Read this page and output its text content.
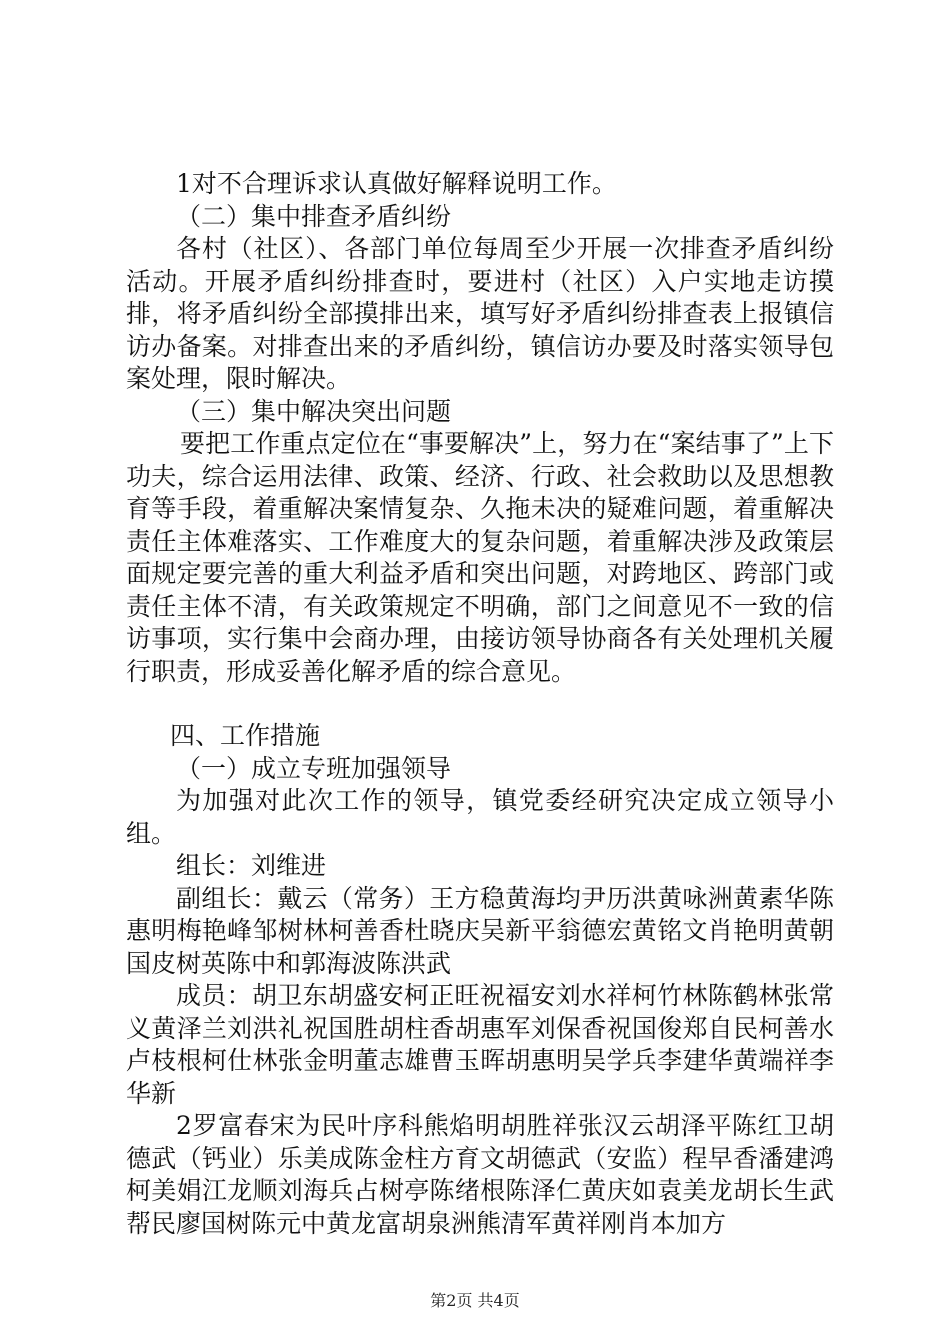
1对不合理诉求认真做好解释说明工作。

（二）集中排查矛盾纠纷

各村（社区）、各部门单位每周至少开展一次排查矛盾纠纷活动。开展矛盾纠纷排查时，要进村（社区）入户实地走访摸排，将矛盾纠纷全部摸排出来，填写好矛盾纠纷排查表上报镇信访办备案。对排查出来的矛盾纠纷，镇信访办要及时落实领导包案处理，限时解决。

（三）集中解决突出问题

要把工作重点定位在“事要解决”上，努力在“案结事了”上下功夫，综合运用法律、政策、经济、行政、社会救助以及思想教育等手段，着重解决案情复杂、久拖未决的疑难问题，着重解决责任主体难落实、工作难度大的复杂问题，着重解决涉及政策层面规定要完善的重大利益矛盾和突出问题，对跨地区、跨部门或责任主体不清，有关政策规定不明确，部门之间意见不一致的信访事项，实行集中会商办理，由接访领导协商各有关处理机关履行职责，形成妥善化解矛盾的综合意见。

四、工作措施

（一）成立专班加强领导

为加强对此次工作的领导，镇党委经研究决定成立领导小组。

组长：刘维进

副组长：戴云（常务）王方稳黄海均尹历洪黄咏洲黄素华陈惠明梅艳峰邹树林柯善香杜晓庆吴新平翁德宏黄铭文肖艳明黄朝国皮树英陈中和郭海波陈洪武

成员：胡卫东胡盛安柯正旺祝福安刘水祥柯竹林陈鹤林张常义黄泽兰刘洪礼祝国胜胡柱香胡惠军刘保香祝国俊郑自民柯善水卢枝根柯仕林张金明董志雄曹玉晖胡惠明吴学兵李建华黄端祥李华新

2罗富春宋为民叶序科熊焰明胡胜祥张汉云胡泽平陈红卫胡德武（钙业）乐美成陈金柱方育文胡德武（安监）程早香潘建鸿柯美娟江龙顺刘海兵占树亭陈绪根陈泽仁黄庆如袁美龙胡长生武帮民廖国树陈元中黄龙富胡泉洲熊清军黄祥刚肖本加方

第2页 共4页
